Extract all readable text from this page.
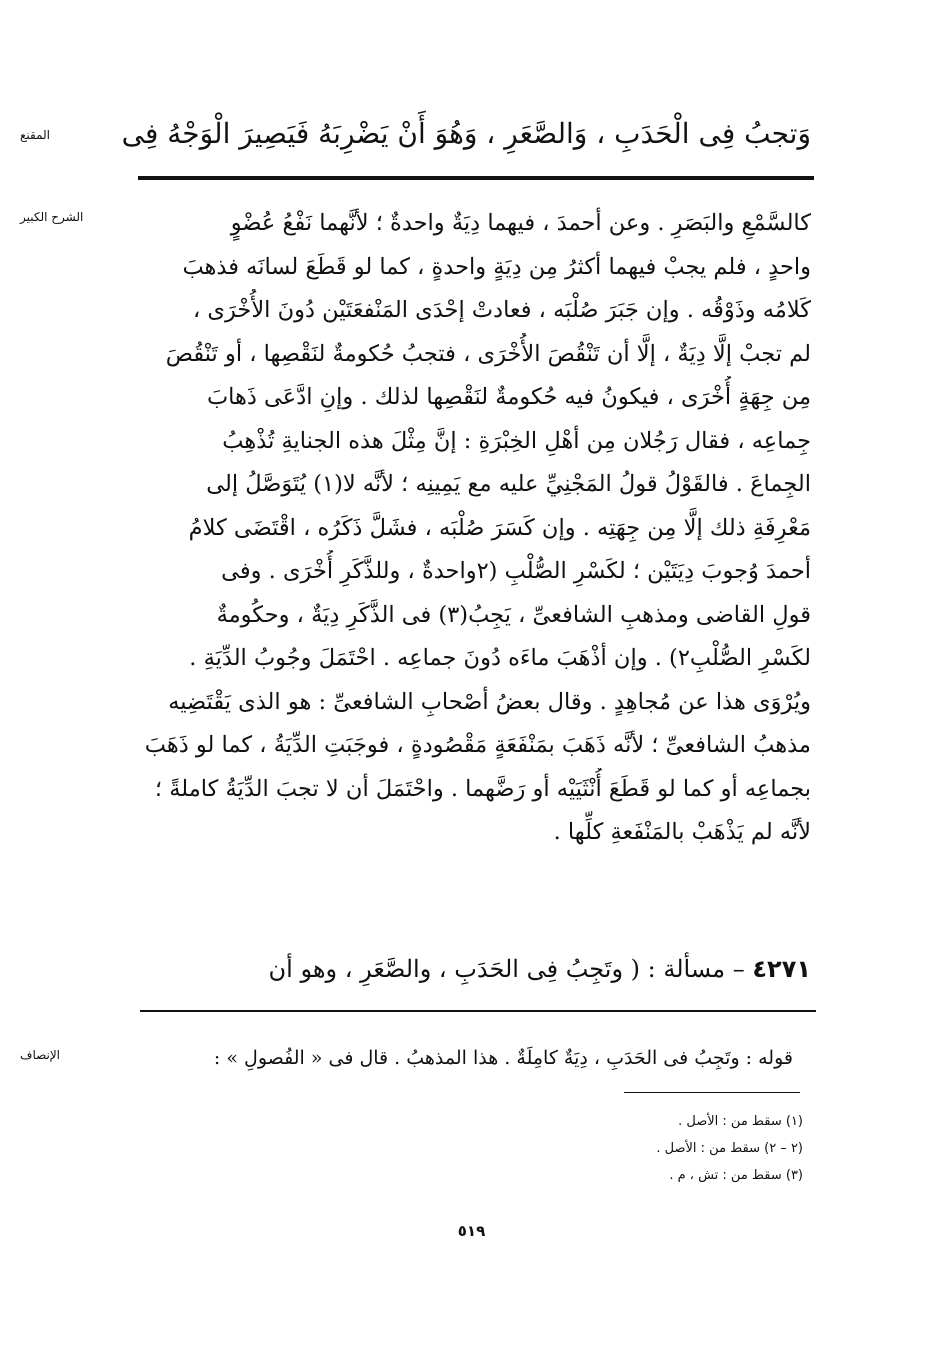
المقنع
الشرح الكبير
الإنصاف
وَتجبُ فِى الْحَدَبِ ، وَالصَّعَرِ ، وَهُوَ أَنْ يَضْرِبَهُ فَيَصِيرَ الْوَجْهُ فِى
كالسَّمْعِ والبَصَرِ . وعن أحمدَ ، فيهما دِيَةٌ واحدةٌ ؛ لأنَّهما نَفْعُ عُضْوٍ
واحدٍ ، فلم يجبْ فيهما أكثرُ مِن دِيَةٍ واحدةٍ ، كما لو قَطَعَ لسانَه فذهبَ
كَلامُه وذَوْقُه . وإن جَبَرَ صُلْبَه ، فعادتْ إحْدَى المَنْفعَتَيْن دُونَ الأُخْرَى ،
لم تجبْ إلَّا دِيَةٌ ، إلَّا أن تَنْقُصَ الأُخْرَى ، فتجبُ حُكومةٌ لنَقْصِها ، أو تَنْقُصَ
مِن جِهَةٍ أُخْرَى ، فيكونُ فيه حُكومةٌ لنَقْصِها لذلك . وإنِ ادَّعَى ذَهابَ
جِماعِه ، فقال رَجُلان مِن أهْلِ الخِبْرَةِ : إنَّ مِثْلَ هذه الجنايةِ تُذْهِبُ
الجِماعَ . فالقَوْلُ قولُ المَجْنِيِّ عليه مع يَمِينِه ؛ لأنَّه لا(١) يُتَوَصَّلُ إلى
مَعْرِفَةِ ذلك إلَّا مِن جِهَتِه . وإن كَسَرَ صُلْبَه ، فشَلَّ ذَكَرُه ، اقْتَضَى كلامُ
أحمدَ وُجوبَ دِيَتَيْن ؛ لكَسْرِ الصُّلْبِ (٢واحدةٌ ، وللذَّكَرِ أُخْرَى . وفى
قولِ القاضى ومذهبِ الشافعىِّ ، يَجِبُ(٣) فى الذَّكَرِ دِيَةٌ ، وحكُومةٌ
لكَسْرِ الصُّلْبِ٢) . وإن أذْهَبَ ماءَه دُونَ جماعِه . احْتَمَلَ وجُوبُ الدِّيَةِ .
ويُرْوَى هذا عن مُجاهِدٍ . وقال بعضُ أصْحابِ الشافعىِّ : هو الذى يَقْتَضِيه
مذهبُ الشافعىِّ ؛ لأنَّه ذَهَبَ بمَنْفَعَةٍ مَقْصُودةٍ ، فوجَبَتِ الدِّيَةُ ، كما لو ذَهَبَ
بجماعِه أو كما لو قَطَعَ أُنْثَيَيْه أو رَضَّهما . واحْتَمَلَ أن لا تجبَ الدِّيَةُ كاملةً ؛
لأنَّه لم يَذْهَبْ بالمَنْفَعةِ كلِّها .
٤٢٧١ – مسألة : ( وتَجِبُ فِى الحَدَبِ ، والصَّعَرِ ، وهو أن
قوله : وتَجِبُ فى الحَدَبِ ، دِيَةٌ كامِلَةٌ . هذا المذهبُ . قال فى « الفُصولِ » :
(١) سقط من : الأصل .
(٢ – ٢) سقط من : الأصل .
(٣) سقط من : تش ، م .
٥١٩
